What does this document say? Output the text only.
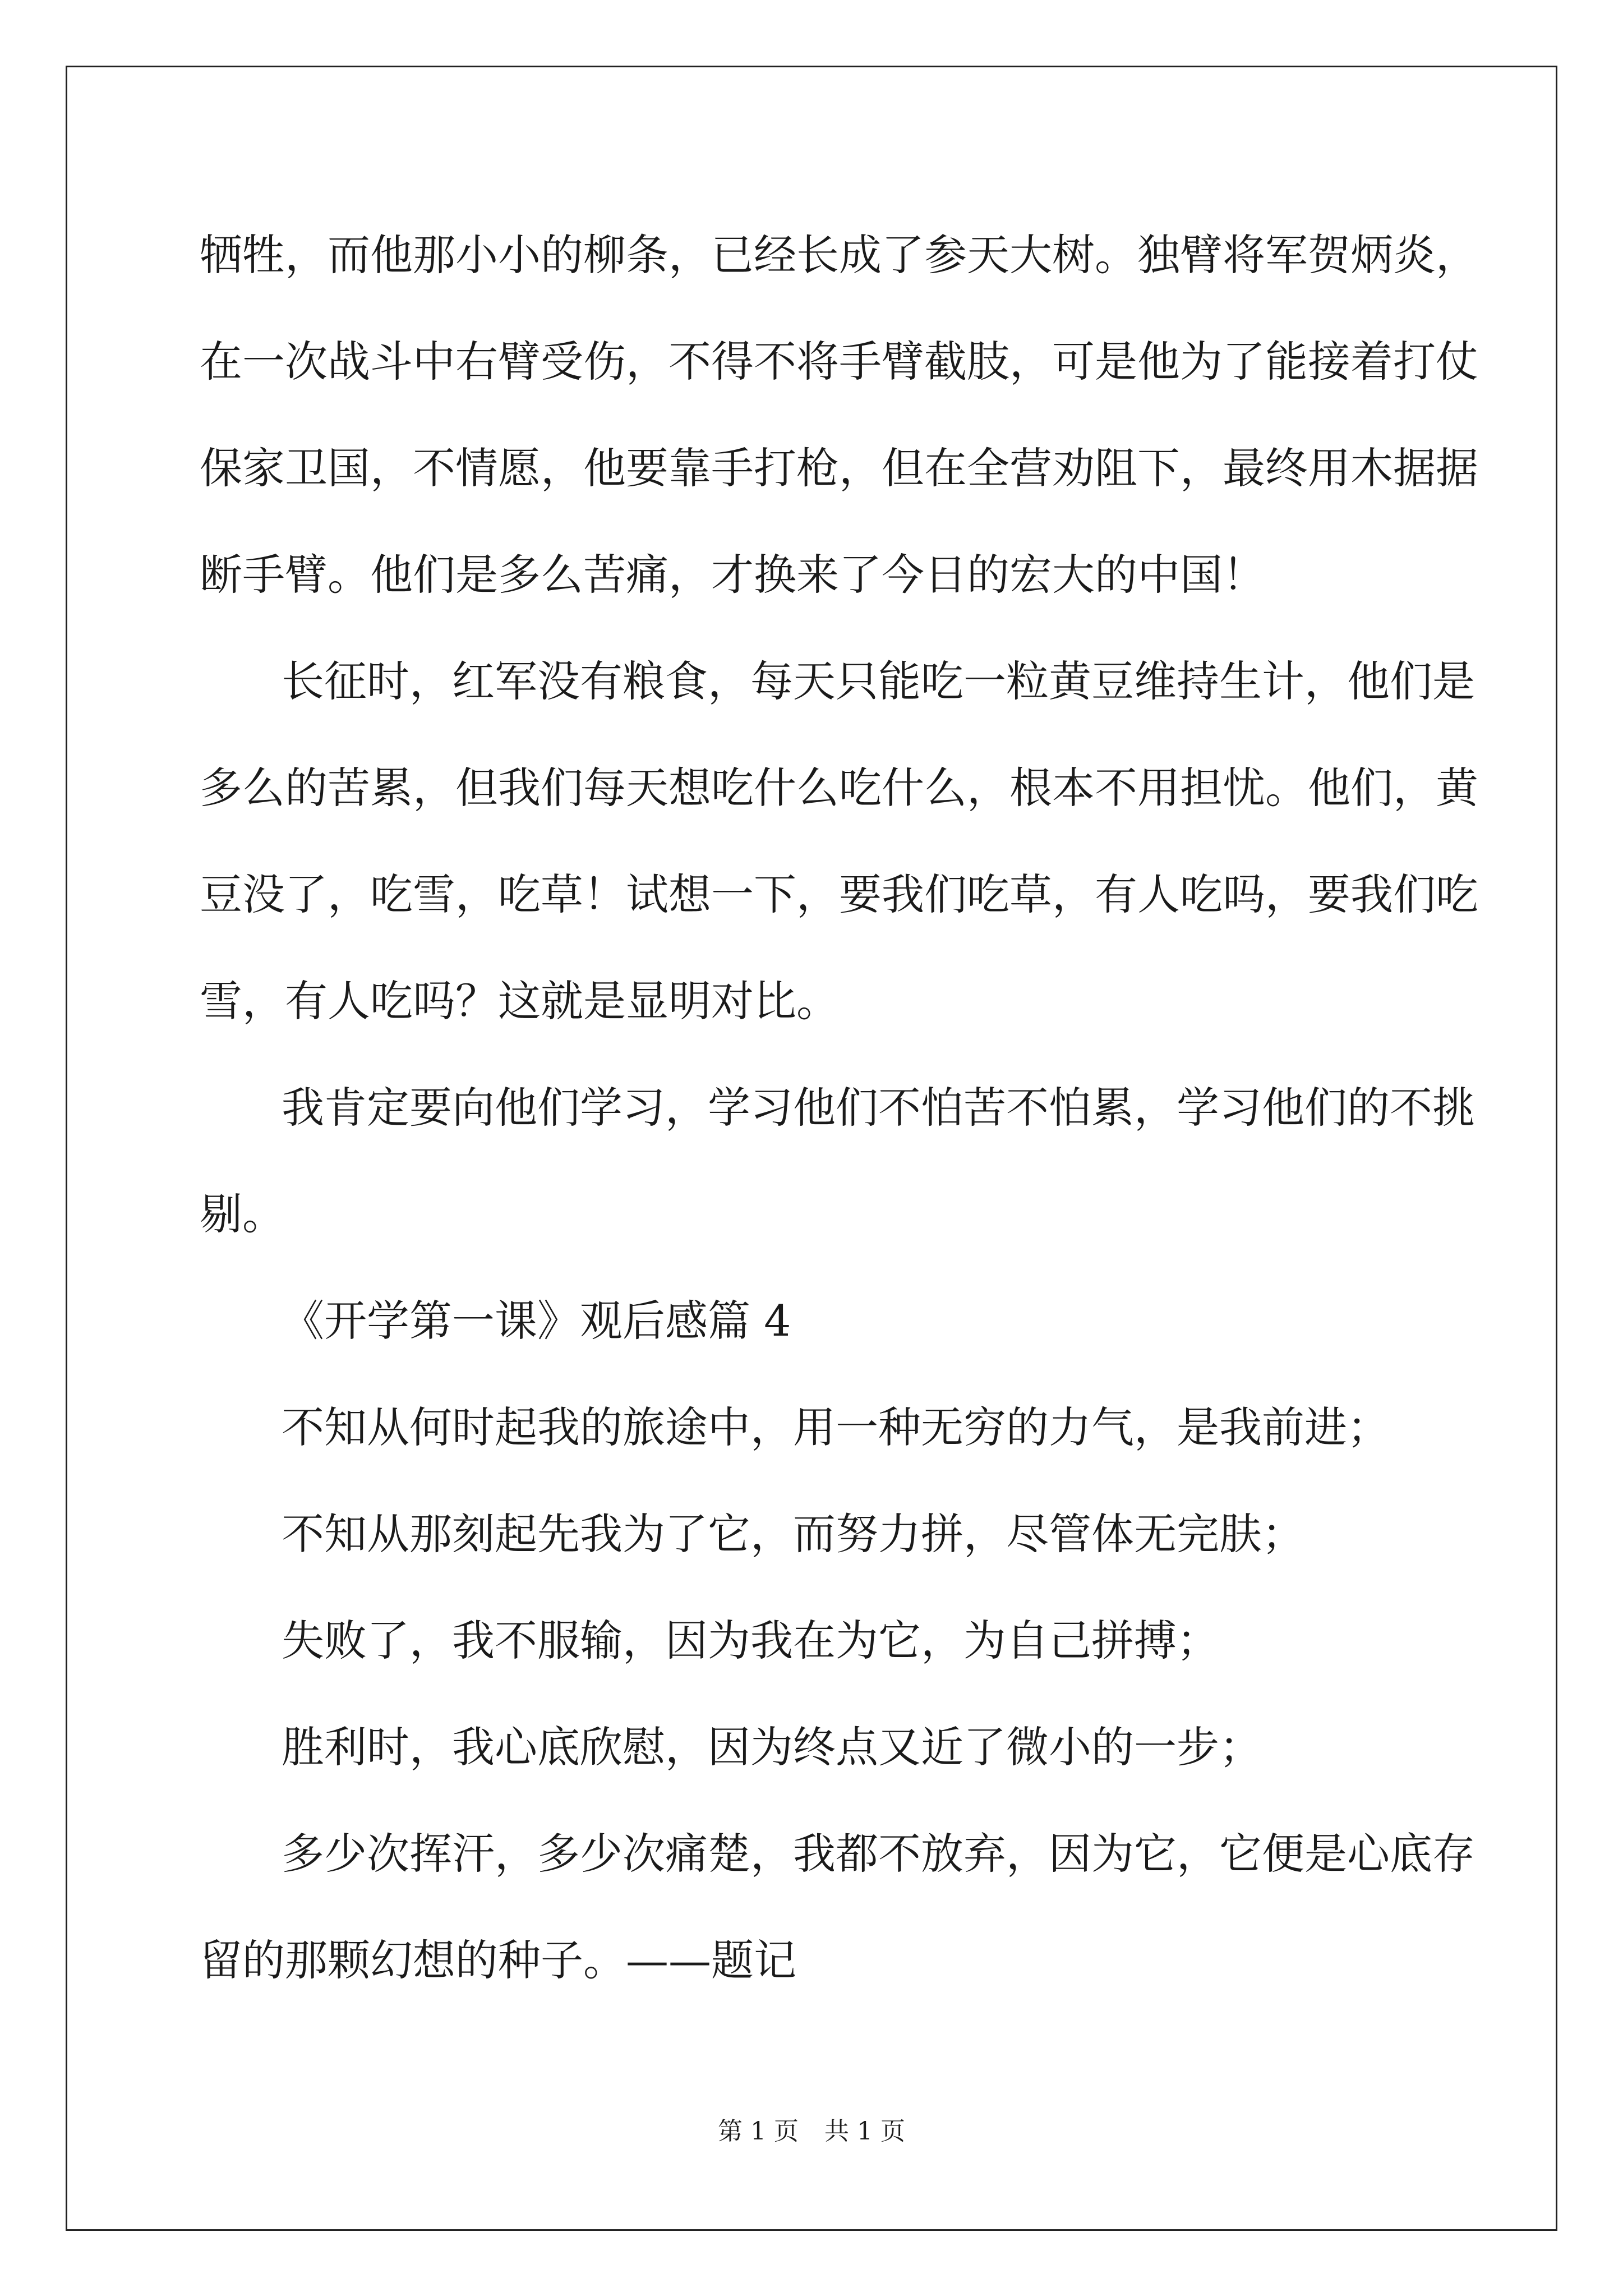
牺牲，而他那小小的柳条，已经长成了参天大树。独臂将军贺炳炎，
在一次战斗中右臂受伤，不得不将手臂截肢，可是他为了能接着打仗
保家卫国，不情愿，他要靠手打枪，但在全营劝阻下，最终用木据据
断手臂。他们是多么苦痛，才换来了今日的宏大的中国！
长征时，红军没有粮食，每天只能吃一粒黄豆维持生计，他们是
多么的苦累，但我们每天想吃什么吃什么，根本不用担忧。他们，黄
豆没了，吃雪，吃草！试想一下，要我们吃草，有人吃吗，要我们吃
雪，有人吃吗？这就是显明对比。
我肯定要向他们学习，学习他们不怕苦不怕累，学习他们的不挑
剔。
《开学第一课》观后感篇 4
不知从何时起我的旅途中，用一种无穷的力气，是我前进；
不知从那刻起先我为了它，而努力拼，尽管体无完肤；
失败了，我不服输，因为我在为它，为自己拼搏；
胜利时，我心底欣慰，因为终点又近了微小的一步；
多少次挥汗，多少次痛楚，我都不放弃，因为它，它便是心底存
留的那颗幻想的种子。——题记
第 1 页 共 1 页
